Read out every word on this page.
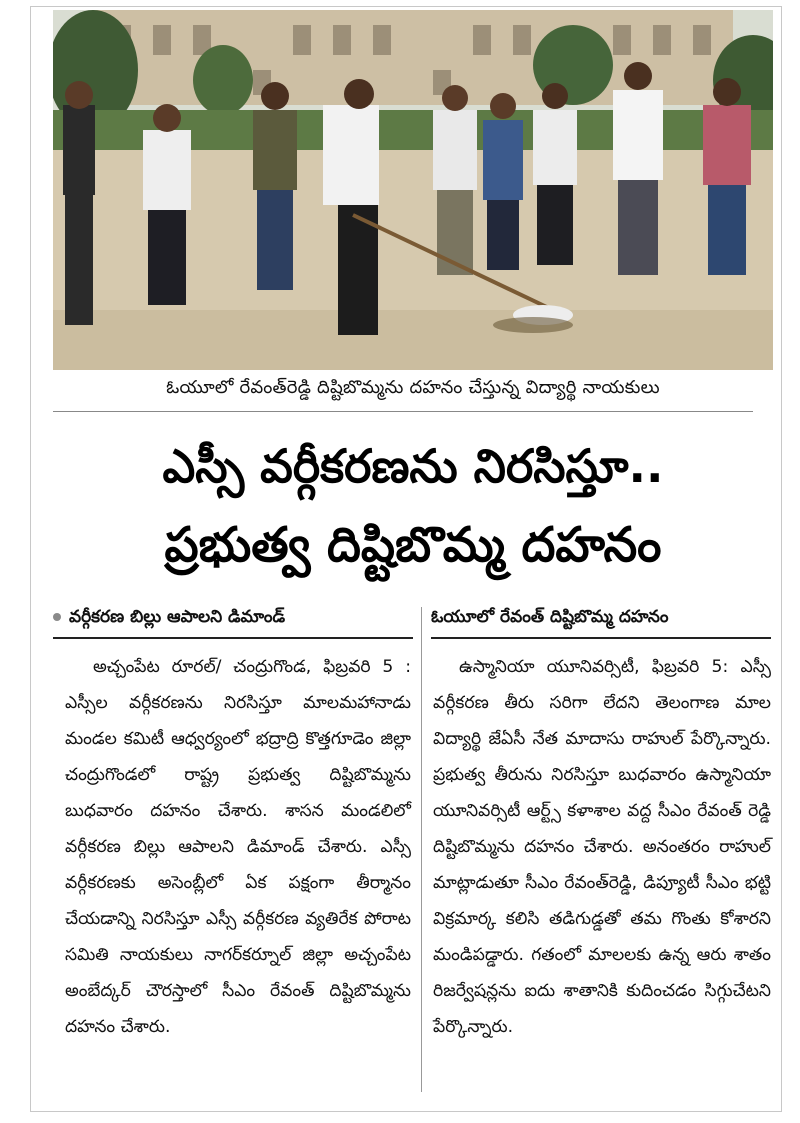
ఓయూలో రేవంత్‌రెడ్డి దిష్టిబొమ్మను దహనం చేస్తున్న విద్యార్థి నాయకులు
ఎస్సీ వర్గీకరణను నిరసిస్తూ..
ప్రభుత్వ దిష్టిబొమ్మ దహనం
వర్గీకరణ బిల్లు ఆపాలని డిమాండ్	ఓయూలో రేవంత్ దిష్టిబొమ్మ దహనం
అచ్చంపేట రూరల్/ చంద్రుగొండ, ఫిబ్రవరి 5 : ఎస్సీల వర్గీకరణను నిరసిస్తూ మాలమహానాడు మండల కమిటీ ఆధ్వర్యంలో భద్రాద్రి కొత్తగూడెం జిల్లా చంద్రుగొండలో రాష్ట్ర ప్రభుత్వ దిష్టిబొమ్మను బుధవారం దహనం చేశారు. శాసన మండలిలో వర్గీకరణ బిల్లు ఆపాలని డిమాండ్ చేశారు. ఎస్సీ వర్గీకరణకు అసెంబ్లీలో ఏక పక్షంగా తీర్మానం చేయడాన్ని నిరసిస్తూ ఎస్సీ వర్గీకరణ వ్యతిరేక పోరాట సమితి నాయకులు నాగర్‌కర్నూల్ జిల్లా అచ్చంపేట అంబేద్కర్ చౌరస్తాలో సీఎం రేవంత్ దిష్టిబొమ్మను దహనం చేశారు.
ఉస్మానియా యూనివర్సిటీ, ఫిబ్రవరి 5: ఎస్సీ వర్గీకరణ తీరు సరిగా లేదని తెలంగాణ మాల విద్యార్థి జేఏసీ నేత మాదాసు రాహుల్ పేర్కొన్నారు. ప్రభుత్వ తీరును నిరసిస్తూ బుధవారం ఉస్మానియా యూనివర్సిటీ ఆర్ట్స్ కళాశాల వద్ద సీఎం రేవంత్ రెడ్డి దిష్టిబొమ్మను దహనం చేశారు. అనంతరం రాహుల్ మాట్లాడుతూ సీఎం రేవంత్‌రెడ్డి, డిప్యూటీ సీఎం భట్టి విక్రమార్క కలిసి తడిగుడ్డతో తమ గొంతు కోశారని మండిపడ్డారు. గతంలో మాలలకు ఉన్న ఆరు శాతం రిజర్వేషన్లను ఐదు శాతానికి కుదించడం సిగ్గుచేటని పేర్కొన్నారు.
